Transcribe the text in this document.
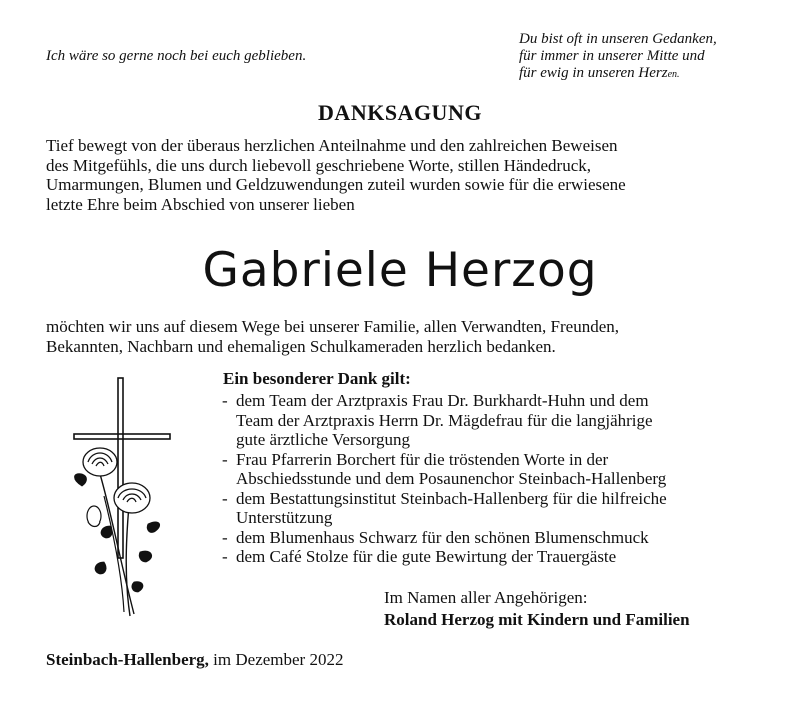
Ich wäre so gerne noch bei euch geblieben.
Du bist oft in unseren Gedanken,
für immer in unserer Mitte und
für ewig in unseren Herzen.
DANKSAGUNG
Tief bewegt von der überaus herzlichen Anteilnahme und den zahlreichen Beweisen
des Mitgefühls, die uns durch liebevoll geschriebene Worte, stillen Händedruck,
Umarmungen, Blumen und Geldzuwendungen zuteil wurden sowie für die erwiesene
letzte Ehre beim Abschied von unserer lieben
Gabriele Herzog
möchten wir uns auf diesem Wege bei unserer Familie, allen Verwandten, Freunden,
Bekannten, Nachbarn und ehemaligen Schulkameraden herzlich bedanken.
Ein besonderer Dank gilt:
- dem Team der Arztpraxis Frau Dr. Burkhardt-Huhn und dem
Team der Arztpraxis Herrn Dr. Mägdefrau für die langjährige
gute ärztliche Versorgung
- Frau Pfarrerin Borchert für die tröstenden Worte in der
Abschiedsstunde und dem Posaunenchor Steinbach-Hallenberg
- dem Bestattungsinstitut Steinbach-Hallenberg für die hilfreiche
Unterstützung
- dem Blumenhaus Schwarz für den schönen Blumenschmuck
- dem Café Stolze für die gute Bewirtung der Trauergäste
Im Namen aller Angehörigen:
Roland Herzog mit Kindern und Familien
Steinbach-Hallenberg, im Dezember 2022
